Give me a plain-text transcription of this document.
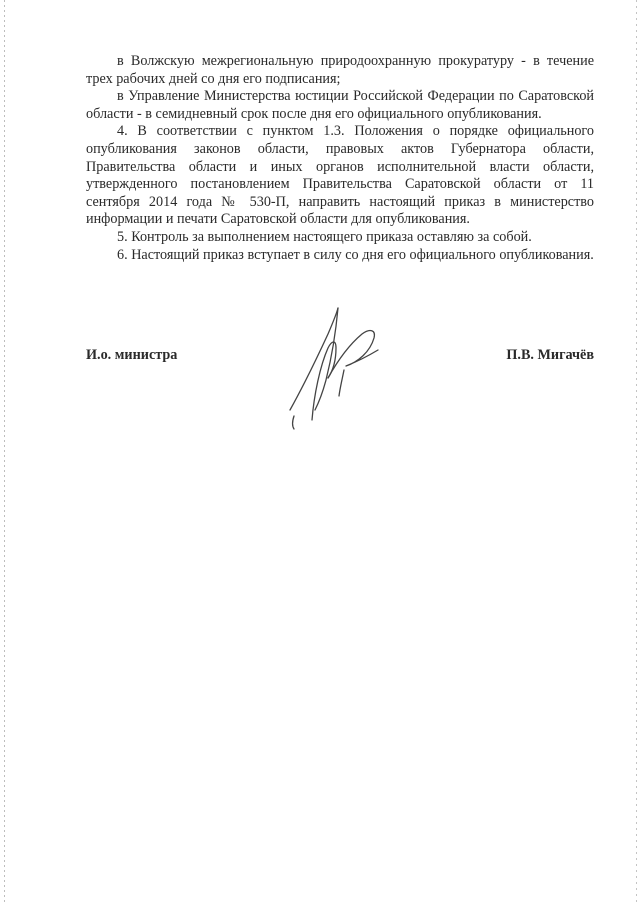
в Волжскую межрегиональную природоохранную прокуратуру - в течение трех рабочих дней со дня его подписания;

в Управление Министерства юстиции Российской Федерации по Саратовской области - в семидневный срок после дня его официального опубликования.

4. В соответствии с пунктом 1.3. Положения о порядке официального опубликования законов области, правовых актов Губернатора области, Правительства области и иных органов исполнительной власти области, утвержденного постановлением Правительства Саратовской области от 11 сентября 2014 года № 530-П, направить настоящий приказ в министерство информации и печати Саратовской области для опубликования.

5. Контроль за выполнением настоящего приказа оставляю за собой.

6. Настоящий приказ вступает в силу со дня его официального опубликования.

И.о. министра	П.В. Мигачёв
